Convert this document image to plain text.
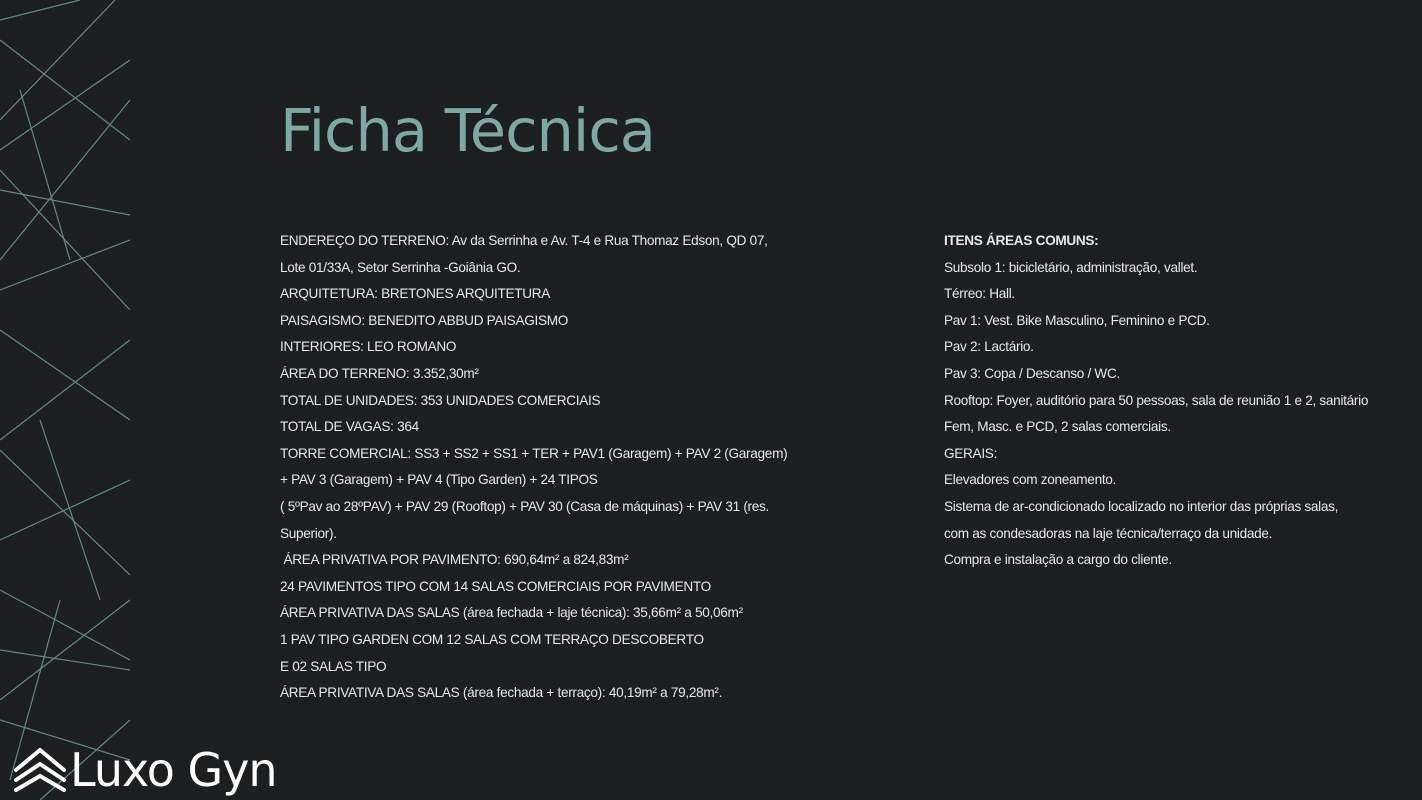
Ficha Técnica
ENDEREÇO DO TERRENO: Av da Serrinha e Av. T-4 e Rua Thomaz Edson, QD 07,
Lote 01/33A, Setor Serrinha -Goiânia GO.
ARQUITETURA: BRETONES ARQUITETURA
PAISAGISMO: BENEDITO ABBUD PAISAGISMO
INTERIORES: LEO ROMANO
ÁREA DO TERRENO: 3.352,30m²
TOTAL DE UNIDADES: 353 UNIDADES COMERCIAIS
TOTAL DE VAGAS: 364
TORRE COMERCIAL: SS3 + SS2 + SS1 + TER + PAV1 (Garagem) + PAV 2 (Garagem)
+ PAV 3 (Garagem) + PAV 4 (Tipo Garden) + 24 TIPOS
( 5ºPav ao 28ºPAV) + PAV 29 (Rooftop) + PAV 30 (Casa de máquinas) + PAV 31 (res.
Superior).
ÁREA PRIVATIVA POR PAVIMENTO: 690,64m² a 824,83m²
24 PAVIMENTOS TIPO COM 14 SALAS COMERCIAIS POR PAVIMENTO
ÁREA PRIVATIVA DAS SALAS (área fechada + laje técnica): 35,66m² a 50,06m²
1 PAV TIPO GARDEN COM 12 SALAS COM TERRAÇO DESCOBERTO
E 02 SALAS TIPO
ÁREA PRIVATIVA DAS SALAS (área fechada + terraço): 40,19m² a 79,28m².
ITENS ÁREAS COMUNS:
Subsolo 1: bicicletário, administração, vallet.
Térreo: Hall.
Pav 1: Vest. Bike Masculino, Feminino e PCD.
Pav 2: Lactário.
Pav 3: Copa / Descanso / WC.
Rooftop: Foyer, auditório para 50 pessoas, sala de reunião 1 e 2, sanitário
Fem, Masc. e PCD, 2 salas comerciais.
GERAIS:
Elevadores com zoneamento.
Sistema de ar-condicionado localizado no interior das próprias salas,
com as condesadoras na laje técnica/terraço da unidade.
Compra e instalação a cargo do cliente.
Luxo Gyn
